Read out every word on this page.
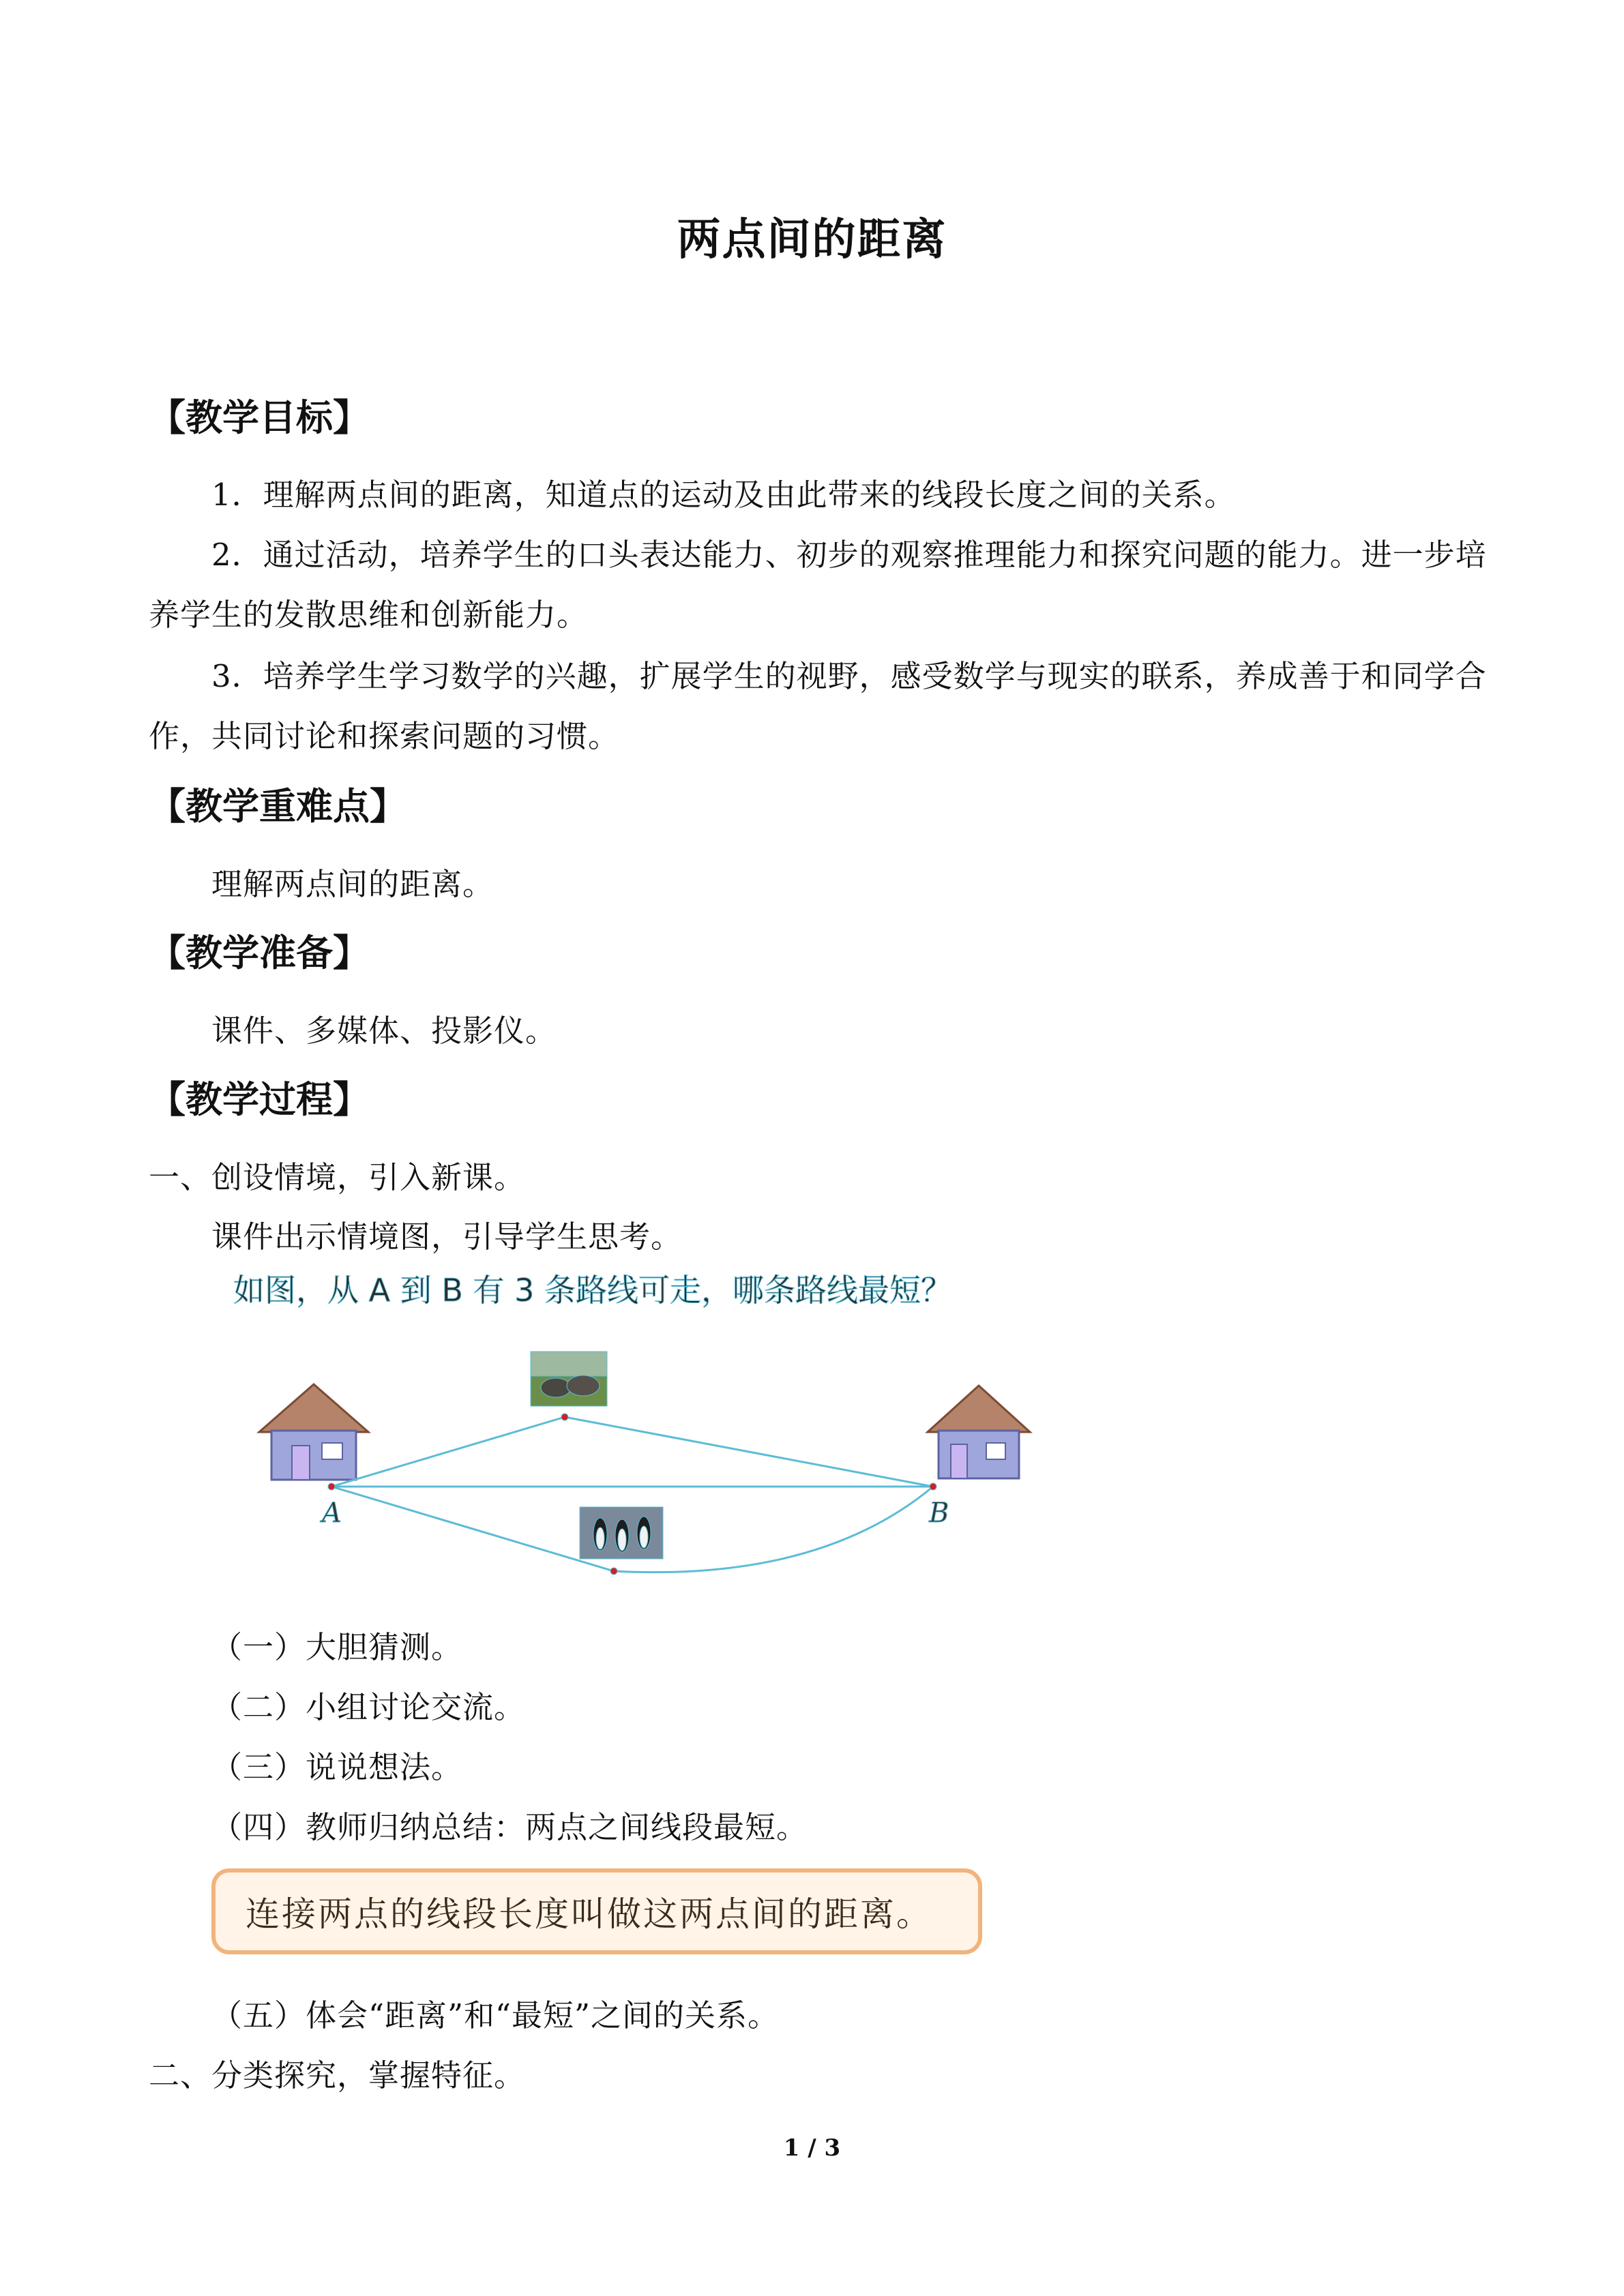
两点间的距离
【教学目标】
1．理解两点间的距离，知道点的运动及由此带来的线段长度之间的关系。
2．通过活动，培养学生的口头表达能力、初步的观察推理能力和探究问题的能力。进一步培养学生的发散思维和创新能力。
3．培养学生学习数学的兴趣，扩展学生的视野，感受数学与现实的联系，养成善于和同学合作，共同讨论和探索问题的习惯。
【教学重难点】
理解两点间的距离。
【教学准备】
课件、多媒体、投影仪。
【教学过程】
一、创设情境，引入新课。
课件出示情境图，引导学生思考。
如图，从 A 到 B 有 3 条路线可走，哪条路线最短？
A	B
（一）大胆猜测。
（二）小组讨论交流。
（三）说说想法。
（四）教师归纳总结：两点之间线段最短。
连接两点的线段长度叫做这两点间的距离。
（五）体会“距离”和“最短”之间的关系。
二、分类探究，掌握特征。
1 / 3
